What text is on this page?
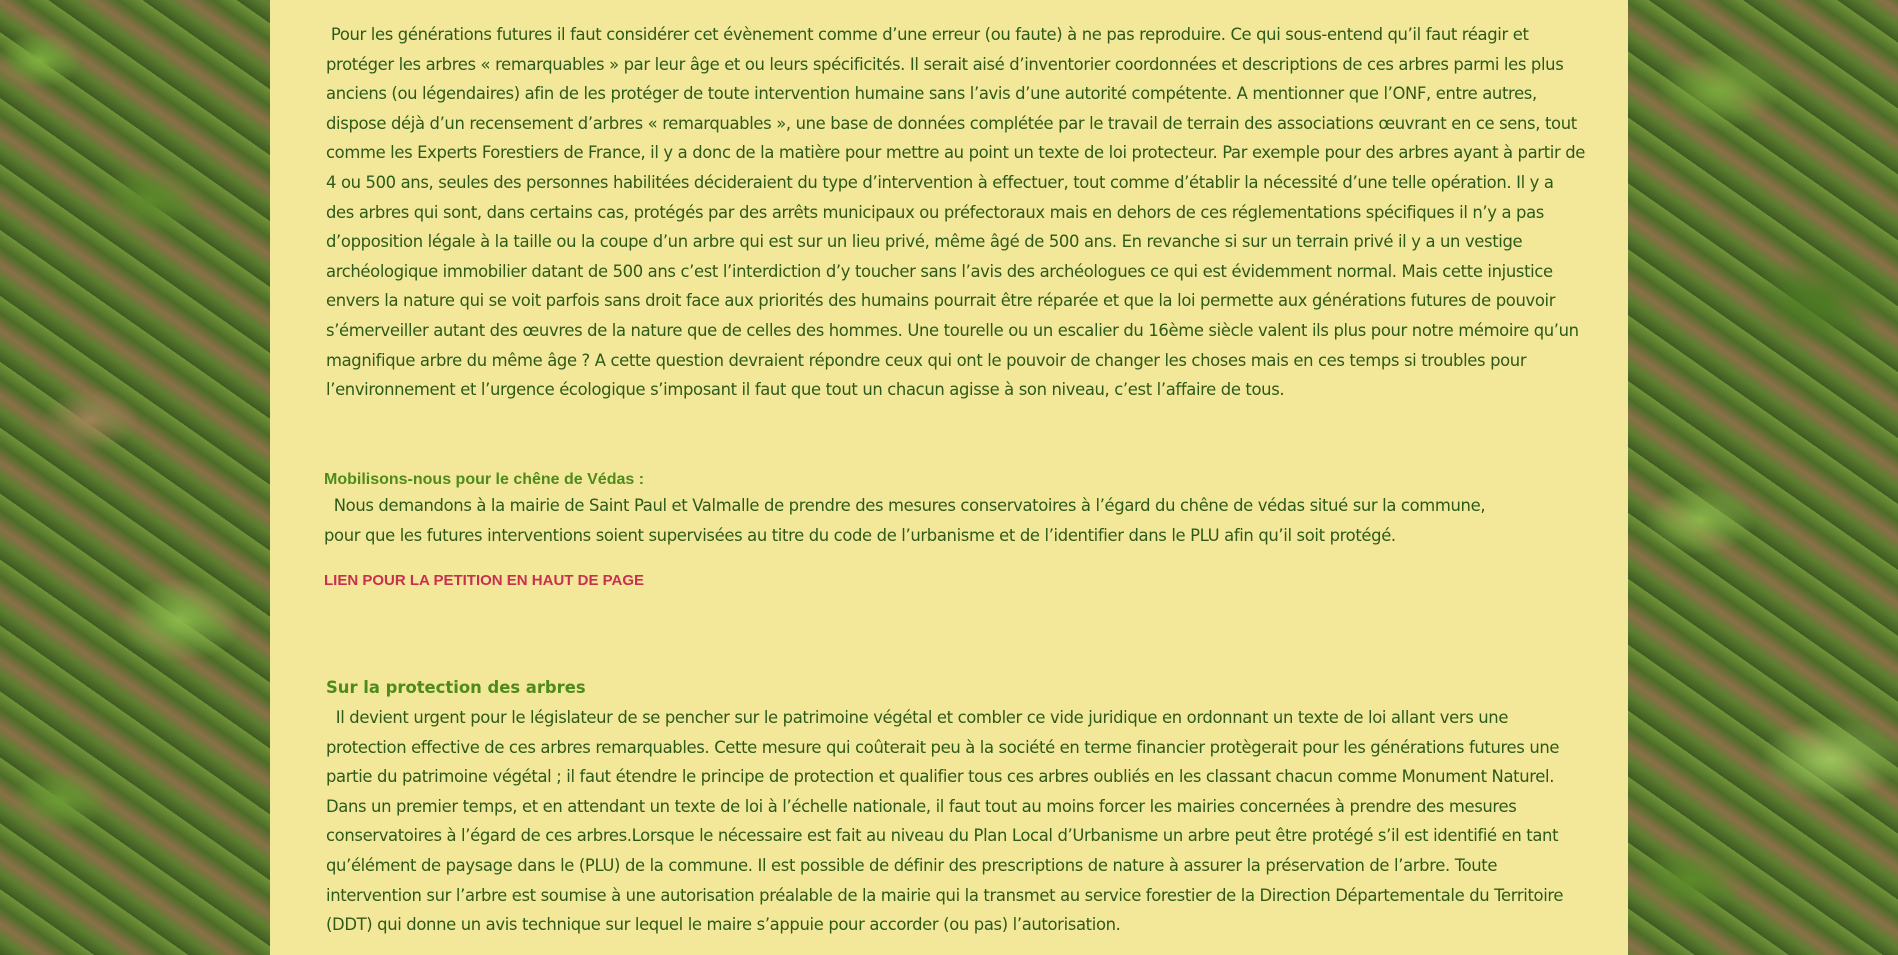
Pour les générations futures il faut considérer cet évènement comme d’une erreur (ou faute) à ne pas reproduire. Ce qui sous-entend qu’il faut réagir et protéger les arbres « remarquables » par leur âge et ou leurs spécificités. Il serait aisé d’inventorier coordonnées et descriptions de ces arbres parmi les plus anciens (ou légendaires) afin de les protéger de toute intervention humaine sans l’avis d’une autorité compétente. A mentionner que l’ONF, entre autres, dispose déjà d’un recensement d’arbres « remarquables », une base de données complétée par le travail de terrain des associations œuvrant en ce sens, tout comme les Experts Forestiers de France, il y a donc de la matière pour mettre au point un texte de loi protecteur. Par exemple pour des arbres ayant à partir de 4 ou 500 ans, seules des personnes habilitées décideraient du type d’intervention à effectuer, tout comme d’établir la nécessité d’une telle opération. Il y a des arbres qui sont, dans certains cas, protégés par des arrêts municipaux ou préfectoraux mais en dehors de ces réglementations spécifiques il n’y a pas d’opposition légale à la taille ou la coupe d’un arbre qui est sur un lieu privé, même âgé de 500 ans. En revanche si sur un terrain privé il y a un vestige archéologique immobilier datant de 500 ans c’est l’interdiction d’y toucher sans l’avis des archéologues ce qui est évidemment normal. Mais cette injustice envers la nature qui se voit parfois sans droit face aux priorités des humains pourrait être réparée et que la loi permette aux générations futures de pouvoir s’émerveiller autant des œuvres de la nature que de celles des hommes. Une tourelle ou un escalier du 16ème siècle valent ils plus pour notre mémoire qu’un magnifique arbre du même âge ? A cette question devraient répondre ceux qui ont le pouvoir de changer les choses mais en ces temps si troubles pour l’environnement et l’urgence écologique s’imposant il faut que tout un chacun agisse à son niveau, c’est l’affaire de tous.

Mobilisons-nous pour le chêne de Védas :

Nous demandons à la mairie de Saint Paul et Valmalle de prendre des mesures conservatoires à l’égard du chêne de védas situé sur la commune,

pour que les futures interventions soient supervisées au titre du code de l’urbanisme et de l’identifier dans le PLU afin qu’il soit protégé.

LIEN POUR LA PETITION EN HAUT DE PAGE
Sur la protection des arbres

Il devient urgent pour le législateur de se pencher sur le patrimoine végétal et combler ce vide juridique en ordonnant un texte de loi allant vers une protection effective de ces arbres remarquables. Cette mesure qui coûterait peu à la société en terme financier protègerait pour les générations futures une partie du patrimoine végétal ; il faut étendre le principe de protection et qualifier tous ces arbres oubliés en les classant chacun comme Monument Naturel.

Dans un premier temps, et en attendant un texte de loi à l’échelle nationale, il faut tout au moins forcer les mairies concernées à prendre des mesures conservatoires à l’égard de ces arbres.Lorsque le nécessaire est fait au niveau du Plan Local d’Urbanisme un arbre peut être protégé s’il est identifié en tant qu’élément de paysage dans le (PLU) de la commune. Il est possible de définir des prescriptions de nature à assurer la préservation de l’arbre. Toute intervention sur l’arbre est soumise à une autorisation préalable de la mairie qui la transmet au service forestier de la Direction Départementale du Territoire (DDT) qui donne un avis technique sur lequel le maire s’appuie pour accorder (ou pas) l’autorisation.
